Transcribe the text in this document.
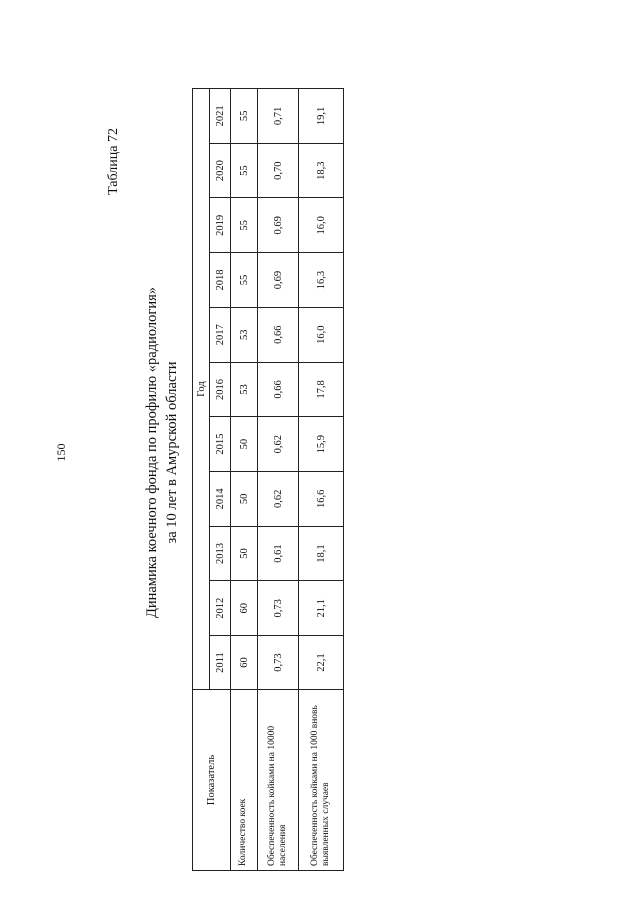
150
Таблица 72
Динамика коечного фонда по профилю «радиология» за 10 лет в Амурской области
Показатель	Год										
	2011	2012	2013	2014	2015	2016	2017	2018	2019	2020	2021
Количество коек	60	60	50	50	50	53	53	55	55	55	55
Обеспеченность койками на 10000 населения	0,73	0,73	0,61	0,62	0,62	0,66	0,66	0,69	0,69	0,70	0,71
Обеспеченность койками на 1000 вновь выявленных случаев	22,1	21,1	18,1	16,6	15,9	17,8	16,0	16,3	16,0	18,3	19,1
